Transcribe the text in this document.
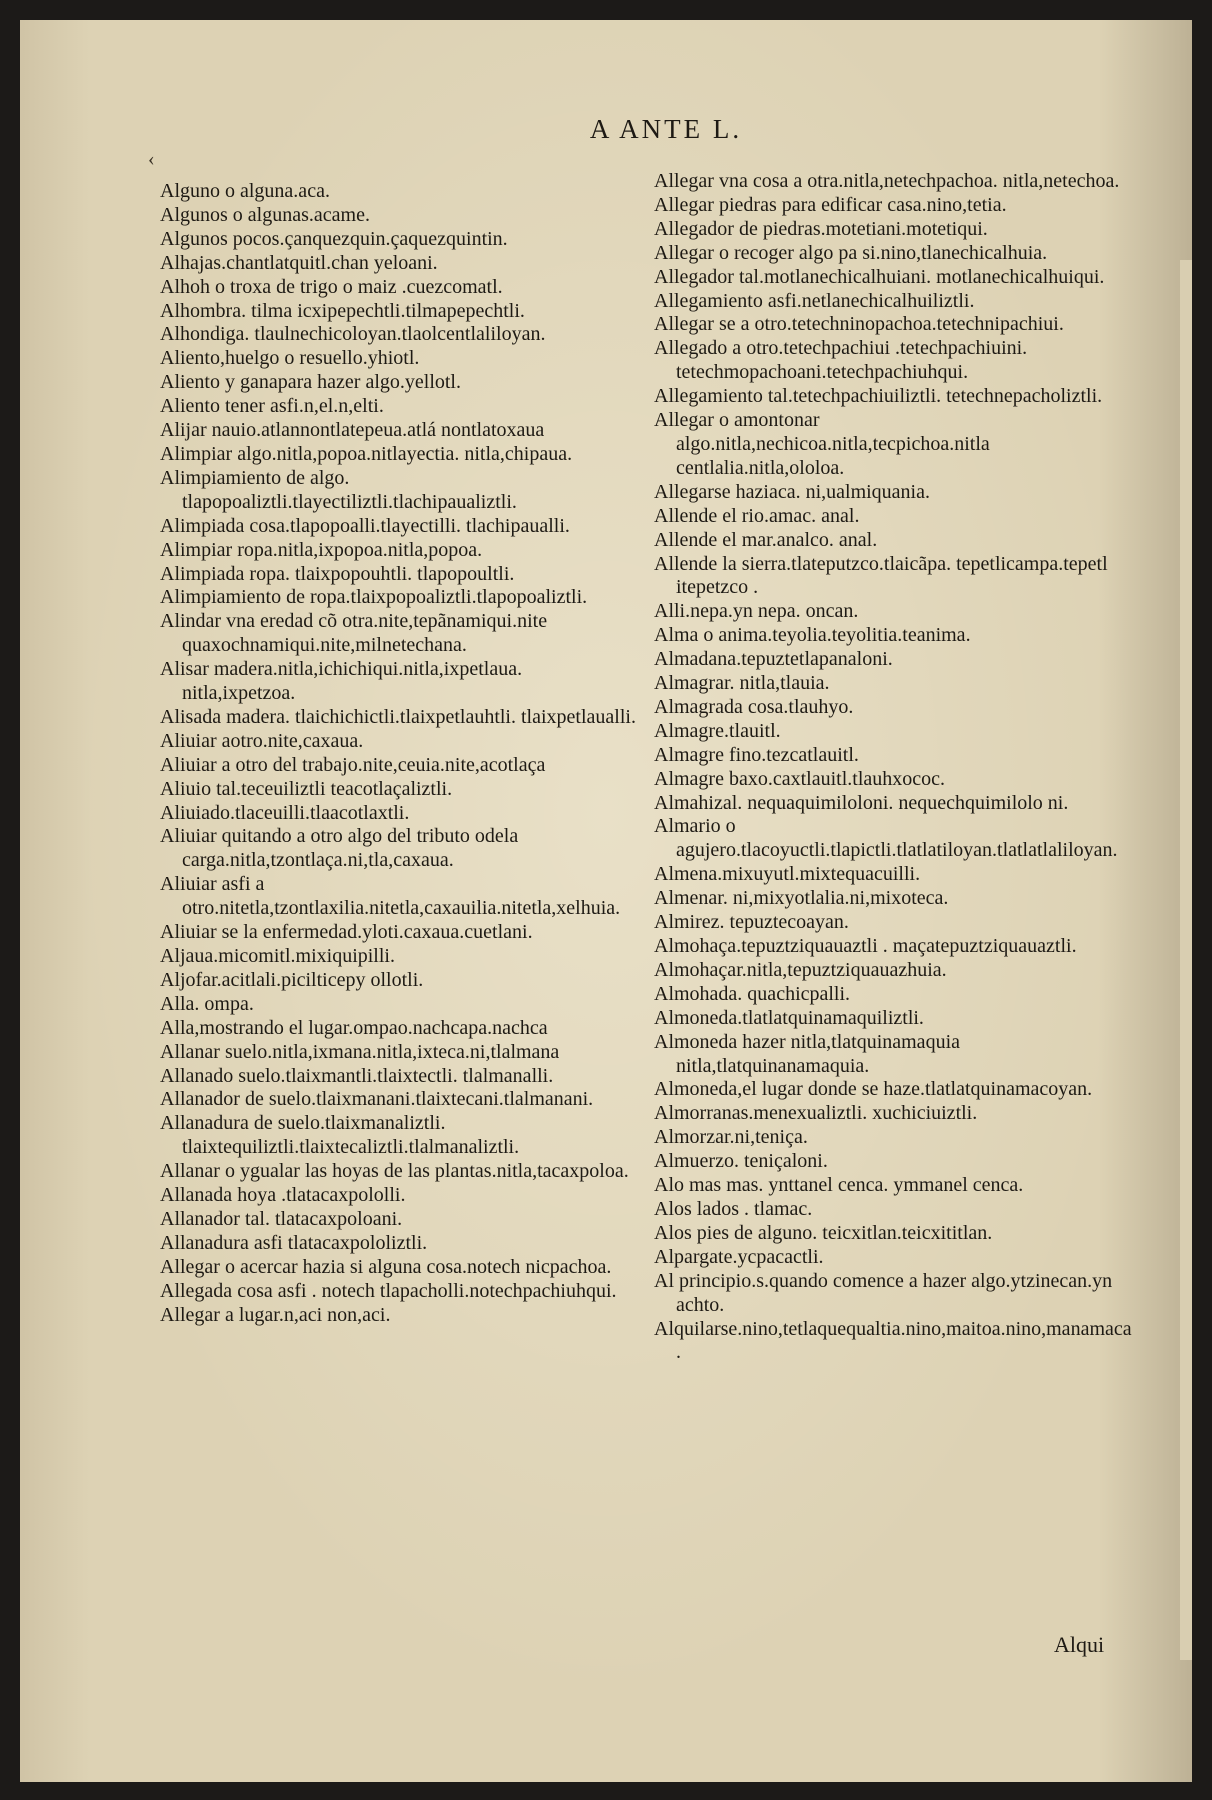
‹
A ANTE L.

Alguno o alguna.aca.

Algunos o algunas.acame.

Algunos pocos.çanquezquin.çaquezquintin.

Alhajas.chantlatquitl.chan yeloani.

Alhoh o troxa de trigo o maiz .cuezcomatl.

Alhombra. tilma icxipepechtli.tilmapepechtli.

Alhondiga. tlaulnechicoloyan.tlaolcentlaliloyan.

Aliento,huelgo o resuello.yhiotl.

Aliento y ganapara hazer algo.yellotl.

Aliento tener asfi.n,el.n,elti.

Alijar nauio.atlannontlatepeua.atlá nontlatoxaua

Alimpiar algo.nitla,popoa.nitlayectia. nitla,chipaua.

Alimpiamiento de algo. tlapopoaliztli.tlayectiliztli.tlachipaualiztli.

Alimpiada cosa.tlapopoalli.tlayectilli. tlachipaualli.

Alimpiar ropa.nitla,ixpopoa.nitla,popoa.

Alimpiada ropa. tlaixpopouhtli. tlapopoultli.

Alimpiamiento de ropa.tlaixpopoaliztli.tlapopoaliztli.

Alindar vna eredad cõ otra.nite,tepãnamiqui.nite quaxochnamiqui.nite,milnetechana.

Alisar madera.nitla,ichichiqui.nitla,ixpetlaua. nitla,ixpetzoa.

Alisada madera. tlaichichictli.tlaixpetlauhtli. tlaixpetlaualli.

Aliuiar aotro.nite,caxaua.

Aliuiar a otro del trabajo.nite,ceuia.nite,acotlaça

Aliuio tal.teceuiliztli teacotlaçaliztli.

Aliuiado.tlaceuilli.tlaacotlaxtli.

Aliuiar quitando a otro algo del tributo odela carga.nitla,tzontlaça.ni,tla,caxaua.

Aliuiar asfi a otro.nitetla,tzontlaxilia.nitetla,caxauilia.nitetla,xelhuia.

Aliuiar se la enfermedad.yloti.caxaua.cuetlani.

Aljaua.micomitl.mixiquipilli.

Aljofar.acitlali.picilticepy ollotli.

Alla. ompa.

Alla,mostrando el lugar.ompao.nachcapa.nachca

Allanar suelo.nitla,ixmana.nitla,ixteca.ni,tlalmana

Allanado suelo.tlaixmantli.tlaixtectli. tlalmanalli.

Allanador de suelo.tlaixmanani.tlaixtecani.tlalmanani.

Allanadura de suelo.tlaixmanaliztli. tlaixtequiliztli.tlaixtecaliztli.tlalmanaliztli.

Allanar o ygualar las hoyas de las plantas.nitla,tacaxpoloa.

Allanada hoya .tlatacaxpololli.

Allanador tal. tlatacaxpoloani.

Allanadura asfi tlatacaxpololiztli.

Allegar o acercar hazia si alguna cosa.notech nicpachoa.

Allegada cosa asfi . notech tlapacholli.notechpachiuhqui.

Allegar a lugar.n,aci non,aci.

Allegar vna cosa a otra.nitla,netechpachoa. nitla,netechoa.

Allegar piedras para edificar casa.nino,tetia.

Allegador de piedras.motetiani.motetiqui.

Allegar o recoger algo pa si.nino,tlanechicalhuia.

Allegador tal.motlanechicalhuiani. motlanechicalhuiqui.

Allegamiento asfi.netlanechicalhuiliztli.

Allegar se a otro.tetechninopachoa.tetechnipachiui.

Allegado a otro.tetechpachiui .tetechpachiuini. tetechmopachoani.tetechpachiuhqui.

Allegamiento tal.tetechpachiuiliztli. tetechnepacholiztli.

Allegar o amontonar algo.nitla,nechicoa.nitla,tecpichoa.nitla centlalia.nitla,ololoa.

Allegarse haziaca. ni,ualmiquania.

Allende el rio.amac. anal.

Allende el mar.analco. anal.

Allende la sierra.tlateputzco.tlaicãpa. tepetlicampa.tepetl itepetzco .

Alli.nepa.yn nepa. oncan.

Alma o anima.teyolia.teyolitia.teanima.

Almadana.tepuztetlapanaloni.

Almagrar. nitla,tlauia.

Almagrada cosa.tlauhyo.

Almagre.tlauitl.

Almagre fino.tezcatlauitl.

Almagre baxo.caxtlauitl.tlauhxococ.

Almahizal. nequaquimiloloni. nequechquimilolo ni.

Almario o agujero.tlacoyuctli.tlapictli.tlatlatiloyan.tlatlatlaliloyan.

Almena.mixuyutl.mixtequacuilli.

Almenar. ni,mixyotlalia.ni,mixoteca.

Almirez. tepuztecoayan.

Almohaça.tepuztziquauaztli . maçatepuztziquauaztli.

Almohaçar.nitla,tepuztziquauazhuia.

Almohada. quachicpalli.

Almoneda.tlatlatquinamaquiliztli.

Almoneda hazer nitla,tlatquinamaquia nitla,tlatquinanamaquia.

Almoneda,el lugar donde se haze.tlatlatquinamacoyan.

Almorranas.menexualiztli. xuchiciuiztli.

Almorzar.ni,teniça.

Almuerzo. teniçaloni.

Alo mas mas. ynttanel cenca. ymmanel cenca.

Alos lados . tlamac.

Alos pies de alguno. teicxitlan.teicxititlan.

Alpargate.ycpacactli.

Al principio.s.quando comence a hazer algo.ytzinecan.yn achto.

Alquilarse.nino,tetlaquequaltia.nino,maitoa.nino,manamaca.

Alqui
